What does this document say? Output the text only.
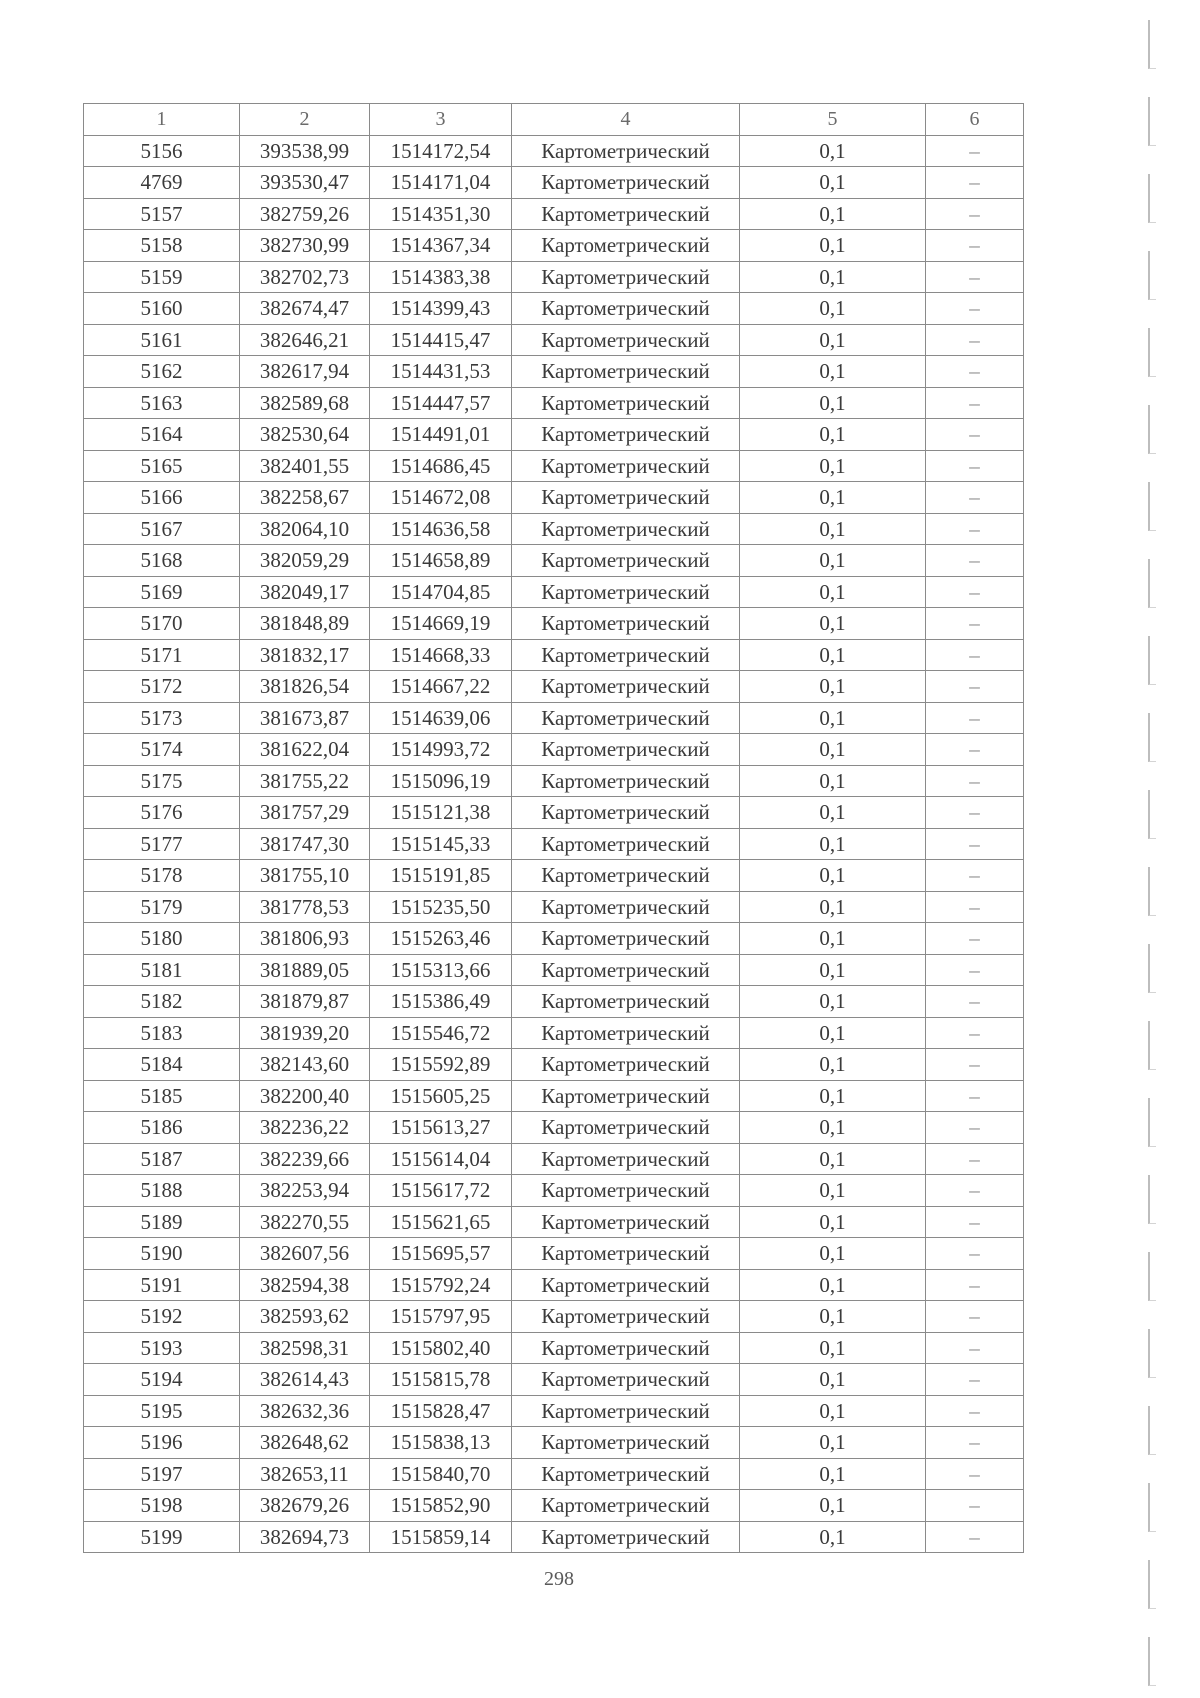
1	2	3	4	5	6
5156	393538,99	1514172,54	Картометрический	0,1	–
4769	393530,47	1514171,04	Картометрический	0,1	–
5157	382759,26	1514351,30	Картометрический	0,1	–
5158	382730,99	1514367,34	Картометрический	0,1	–
5159	382702,73	1514383,38	Картометрический	0,1	–
5160	382674,47	1514399,43	Картометрический	0,1	–
5161	382646,21	1514415,47	Картометрический	0,1	–
5162	382617,94	1514431,53	Картометрический	0,1	–
5163	382589,68	1514447,57	Картометрический	0,1	–
5164	382530,64	1514491,01	Картометрический	0,1	–
5165	382401,55	1514686,45	Картометрический	0,1	–
5166	382258,67	1514672,08	Картометрический	0,1	–
5167	382064,10	1514636,58	Картометрический	0,1	–
5168	382059,29	1514658,89	Картометрический	0,1	–
5169	382049,17	1514704,85	Картометрический	0,1	–
5170	381848,89	1514669,19	Картометрический	0,1	–
5171	381832,17	1514668,33	Картометрический	0,1	–
5172	381826,54	1514667,22	Картометрический	0,1	–
5173	381673,87	1514639,06	Картометрический	0,1	–
5174	381622,04	1514993,72	Картометрический	0,1	–
5175	381755,22	1515096,19	Картометрический	0,1	–
5176	381757,29	1515121,38	Картометрический	0,1	–
5177	381747,30	1515145,33	Картометрический	0,1	–
5178	381755,10	1515191,85	Картометрический	0,1	–
5179	381778,53	1515235,50	Картометрический	0,1	–
5180	381806,93	1515263,46	Картометрический	0,1	–
5181	381889,05	1515313,66	Картометрический	0,1	–
5182	381879,87	1515386,49	Картометрический	0,1	–
5183	381939,20	1515546,72	Картометрический	0,1	–
5184	382143,60	1515592,89	Картометрический	0,1	–
5185	382200,40	1515605,25	Картометрический	0,1	–
5186	382236,22	1515613,27	Картометрический	0,1	–
5187	382239,66	1515614,04	Картометрический	0,1	–
5188	382253,94	1515617,72	Картометрический	0,1	–
5189	382270,55	1515621,65	Картометрический	0,1	–
5190	382607,56	1515695,57	Картометрический	0,1	–
5191	382594,38	1515792,24	Картометрический	0,1	–
5192	382593,62	1515797,95	Картометрический	0,1	–
5193	382598,31	1515802,40	Картометрический	0,1	–
5194	382614,43	1515815,78	Картометрический	0,1	–
5195	382632,36	1515828,47	Картометрический	0,1	–
5196	382648,62	1515838,13	Картометрический	0,1	–
5197	382653,11	1515840,70	Картометрический	0,1	–
5198	382679,26	1515852,90	Картометрический	0,1	–
5199	382694,73	1515859,14	Картометрический	0,1	–
298
